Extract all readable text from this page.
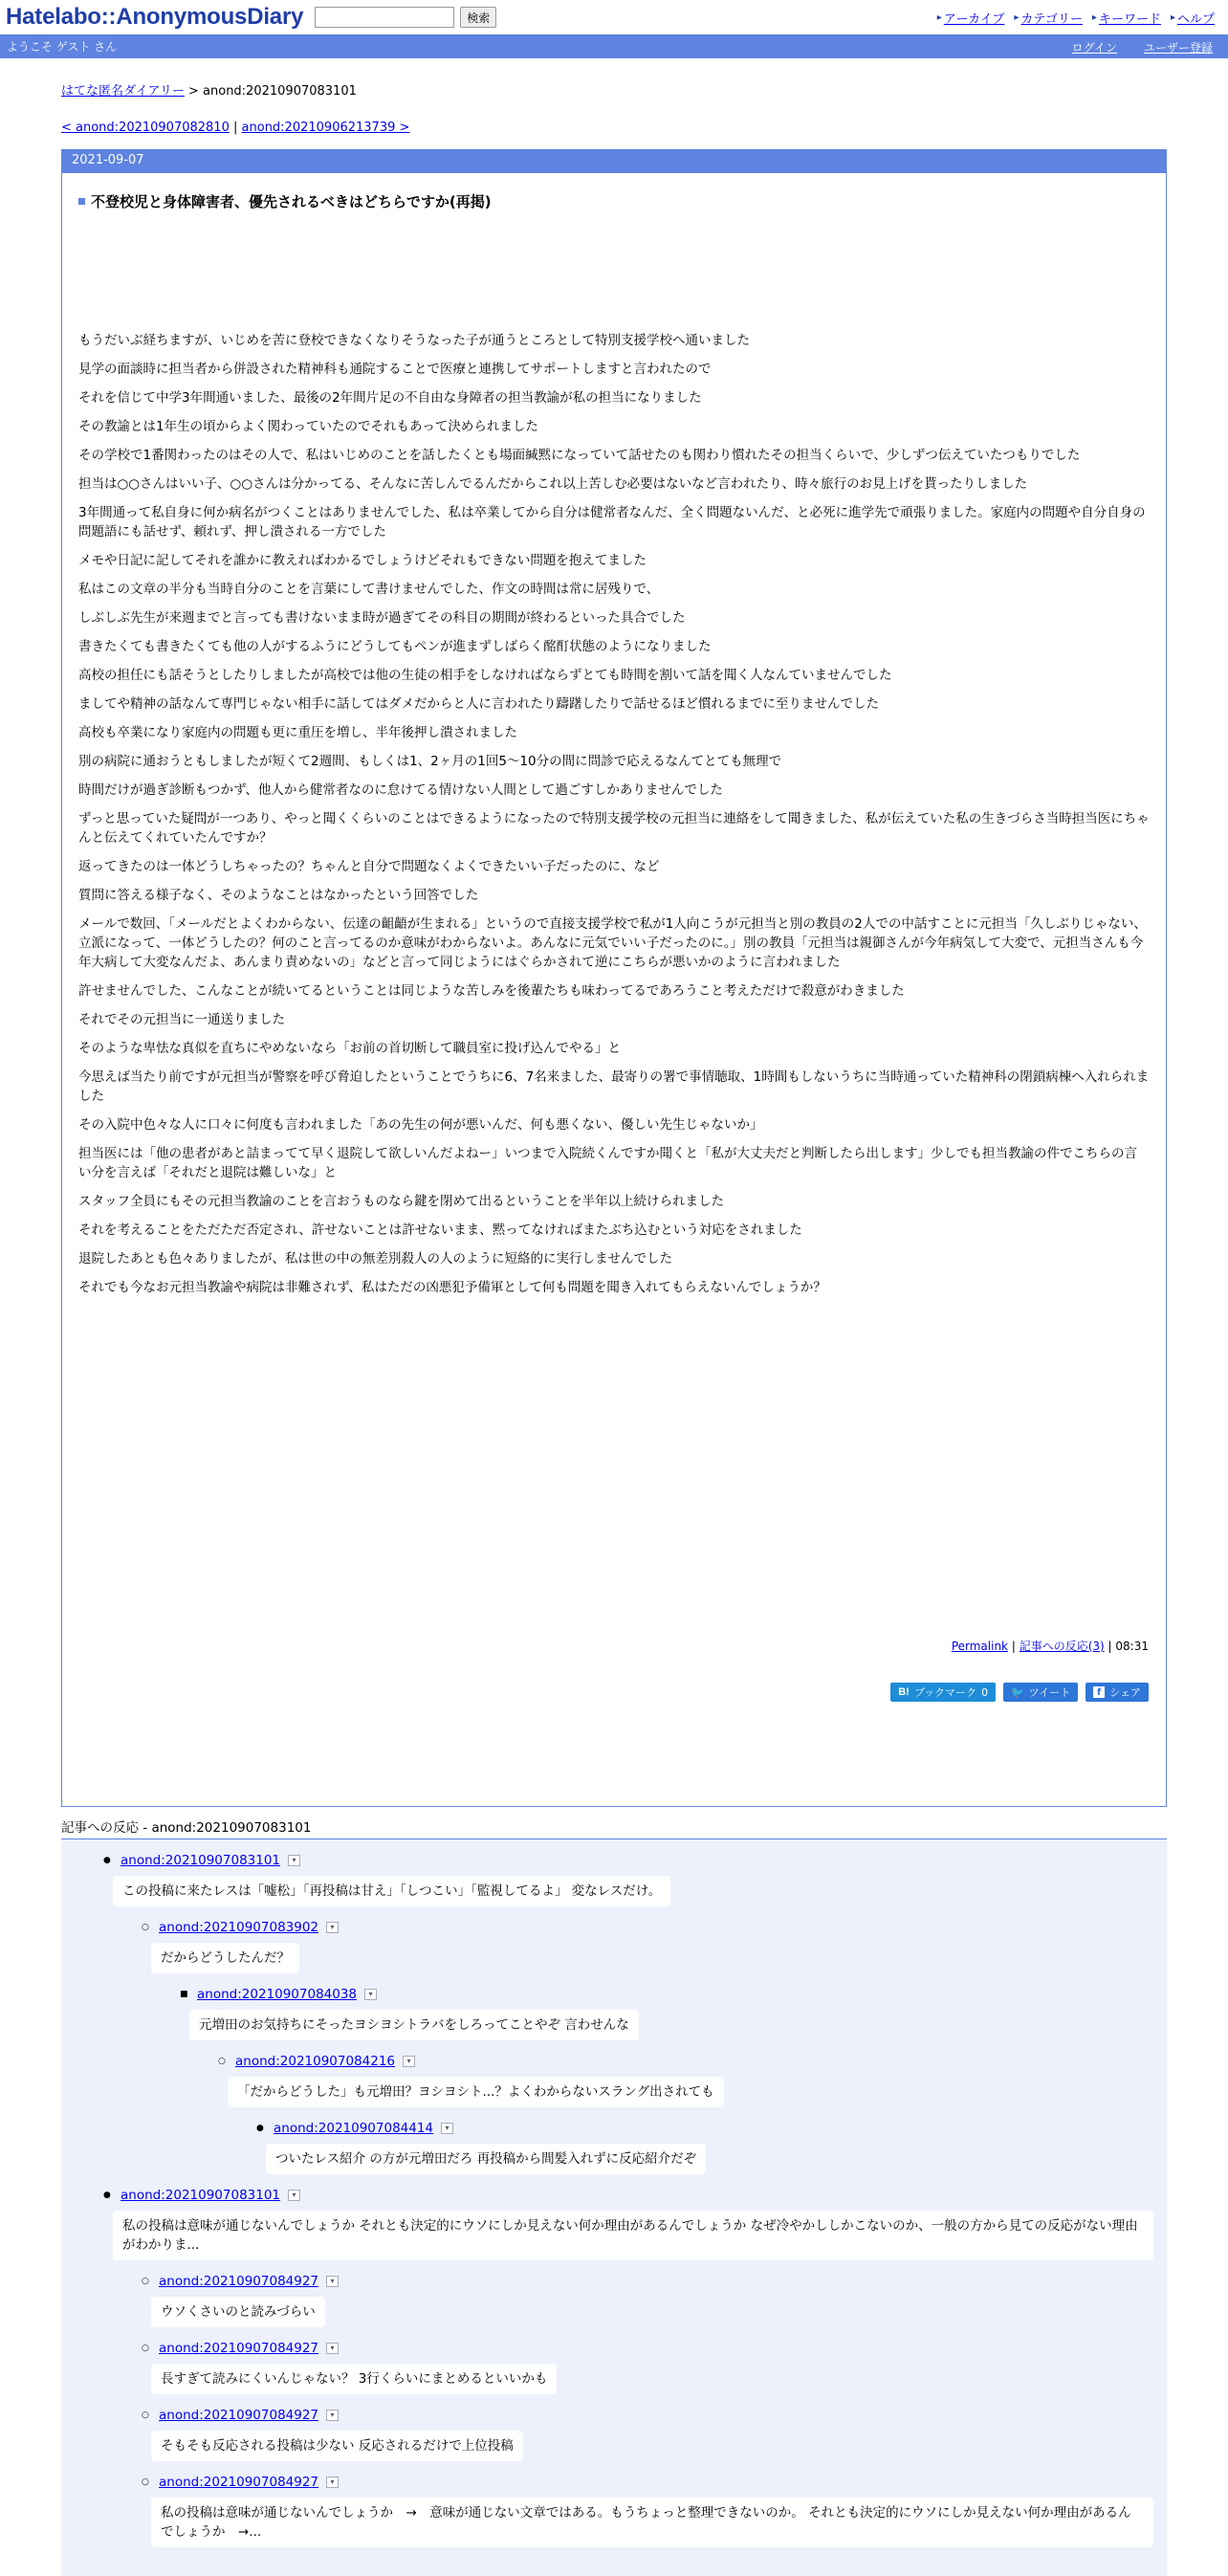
Hatelabo::AnonymousDiary	検索	▸ アーカイブ ▸ カテゴリー ▸ キーワード ▸ ヘルプ
ようこそ ゲスト さん	ログイン ユーザー登録
はてな匿名ダイアリー > anond:20210907083101
< anond:20210907082810 | anond:20210906213739 >
2021-09-07
不登校児と身体障害者、優先されるべきはどちらですか(再掲)

もうだいぶ経ちますが、いじめを苦に登校できなくなりそうなった子が通うところとして特別支援学校へ通いました

見学の面談時に担当者から併設された精神科も通院することで医療と連携してサポートしますと言われたので

それを信じて中学3年間通いました、最後の2年間片足の不自由な身障者の担当教諭が私の担当になりました

その教諭とは1年生の頃からよく関わっていたのでそれもあって決められました

その学校で1番関わったのはその人で、私はいじめのことを話したくとも場面緘黙になっていて話せたのも関わり慣れたその担当くらいで、少しずつ伝えていたつもりでした

担当は○○さんはいい子、○○さんは分かってる、そんなに苦しんでるんだからこれ以上苦しむ必要はないなど言われたり、時々旅行のお見上げを貰ったりしました

3年間通って私自身に何か病名がつくことはありませんでした、私は卒業してから自分は健常者なんだ、全く問題ないんだ、と必死に進学先で頑張りました。家庭内の問題や自分自身の問題語にも話せず、頼れず、押し潰される一方でした

メモや日記に記してそれを誰かに教えればわかるでしょうけどそれもできない問題を抱えてました

私はこの文章の半分も当時自分のことを言葉にして書けませんでした、作文の時間は常に居残りで、

しぶしぶ先生が来週までと言っても書けないまま時が過ぎてその科目の期間が終わるといった具合でした

書きたくても書きたくても他の人がするふうにどうしてもペンが進まずしばらく酩酊状態のようになりました

高校の担任にも話そうとしたりしましたが高校では他の生徒の相手をしなければならずとても時間を割いて話を聞く人なんていませんでした

ましてや精神の話なんて専門じゃない相手に話してはダメだからと人に言われたり躊躇したりで話せるほど慣れるまでに至りませんでした

高校も卒業になり家庭内の問題も更に重圧を増し、半年後押し潰されました

別の病院に通おうともしましたが短くて2週間、もしくは1、2ヶ月の1回5〜10分の間に問診で応えるなんてとても無理で

時間だけが過ぎ診断もつかず、他人から健常者なのに怠けてる情けない人間として過ごすしかありませんでした

ずっと思っていた疑問が一つあり、やっと聞くくらいのことはできるようになったので特別支援学校の元担当に連絡をして聞きました、私が伝えていた私の生きづらさ当時担当医にちゃんと伝えてくれていたんですか？

返ってきたのは一体どうしちゃったの？ちゃんと自分で問題なくよくできたいい子だったのに、など

質問に答える様子なく、そのようなことはなかったという回答でした

メールで数回、「メールだとよくわからない、伝達の齟齬が生まれる」というので直接支援学校で私が1人向こうが元担当と別の教員の2人での中話すことに元担当「久しぶりじゃない、立派になって、一体どうしたの？何のこと言ってるのか意味がわからないよ。あんなに元気でいい子だったのに。」別の教員「元担当は親御さんが今年病気して大変で、元担当さんも今年大病して大変なんだよ、あんまり責めないの」などと言って同じようにはぐらかされて逆にこちらが悪いかのように言われました

許せませんでした、こんなことが続いてるということは同じような苦しみを後輩たちも味わってるであろうこと考えただけで殺意がわきました

それでその元担当に一通送りました

そのような卑怯な真似を直ちにやめないなら「お前の首切断して職員室に投げ込んでやる」と

今思えば当たり前ですが元担当が警察を呼び脅迫したということでうちに6、7名来ました、最寄りの署で事情聴取、1時間もしないうちに当時通っていた精神科の閉鎖病棟へ入れられました

その入院中色々な人に口々に何度も言われました「あの先生の何が悪いんだ、何も悪くない、優しい先生じゃないか」

担当医には「他の患者があと詰まってて早く退院して欲しいんだよねー」いつまで入院続くんですか聞くと「私が大丈夫だと判断したら出します」少しでも担当教諭の件でこちらの言い分を言えば「それだと退院は難しいな」と

スタッフ全員にもその元担当教諭のことを言おうものなら鍵を閉めて出るということを半年以上続けられました

それを考えることをただただ否定され、許せないことは許せないまま、黙ってなければまたぶち込むという対応をされました

退院したあとも色々ありましたが、私は世の中の無差別殺人の人のように短絡的に実行しませんでした

それでも今なお元担当教諭や病院は非難されず、私はただの凶悪犯予備軍として何も問題を聞き入れてもらえないんでしょうか？

Permalink | 記事への反応(3) | 08:31
B! ブックマーク 0 🐦 ツイート	f シェア
記事への反応 - anond:20210907083101
● anond:20210907083101	▾
この投稿に来たレスは「嘘松」「再投稿は甘え」「しつこい」「監視してるよ」 変なレスだけ。
○ anond:20210907083902	▾
だからどうしたんだ？
■ anond:20210907084038	▾
元増田のお気持ちにそったヨシヨシトラバをしろってことやぞ 言わせんな
○ anond:20210907084216	▾
「だからどうした」も元増田？ヨシヨシト...？よくわからないスラング出されても
● anond:20210907084414	▾
ついたレス紹介 の方が元増田だろ 再投稿から間髪入れずに反応紹介だぞ
● anond:20210907083101	▾
私の投稿は意味が通じないんでしょうか それとも決定的にウソにしか見えない何か理由があるんでしょうか なぜ冷やかししかこないのか、一般の方から見ての反応がない理由がわかりま...
○ anond:20210907084927	▾
ウソくさいのと読みづらい
○ anond:20210907084927	▾
長すぎて読みにくいんじゃない？ 3行くらいにまとめるといいかも
○ anond:20210907084927	▾
そもそも反応される投稿は少ない 反応されるだけで上位投稿
○ anond:20210907084927	▾
私の投稿は意味が通じないんでしょうか　→　意味が通じない文章ではある。もうちょっと整理できないのか。 それとも決定的にウソにしか見えない何か理由があるんでしょうか　→...
